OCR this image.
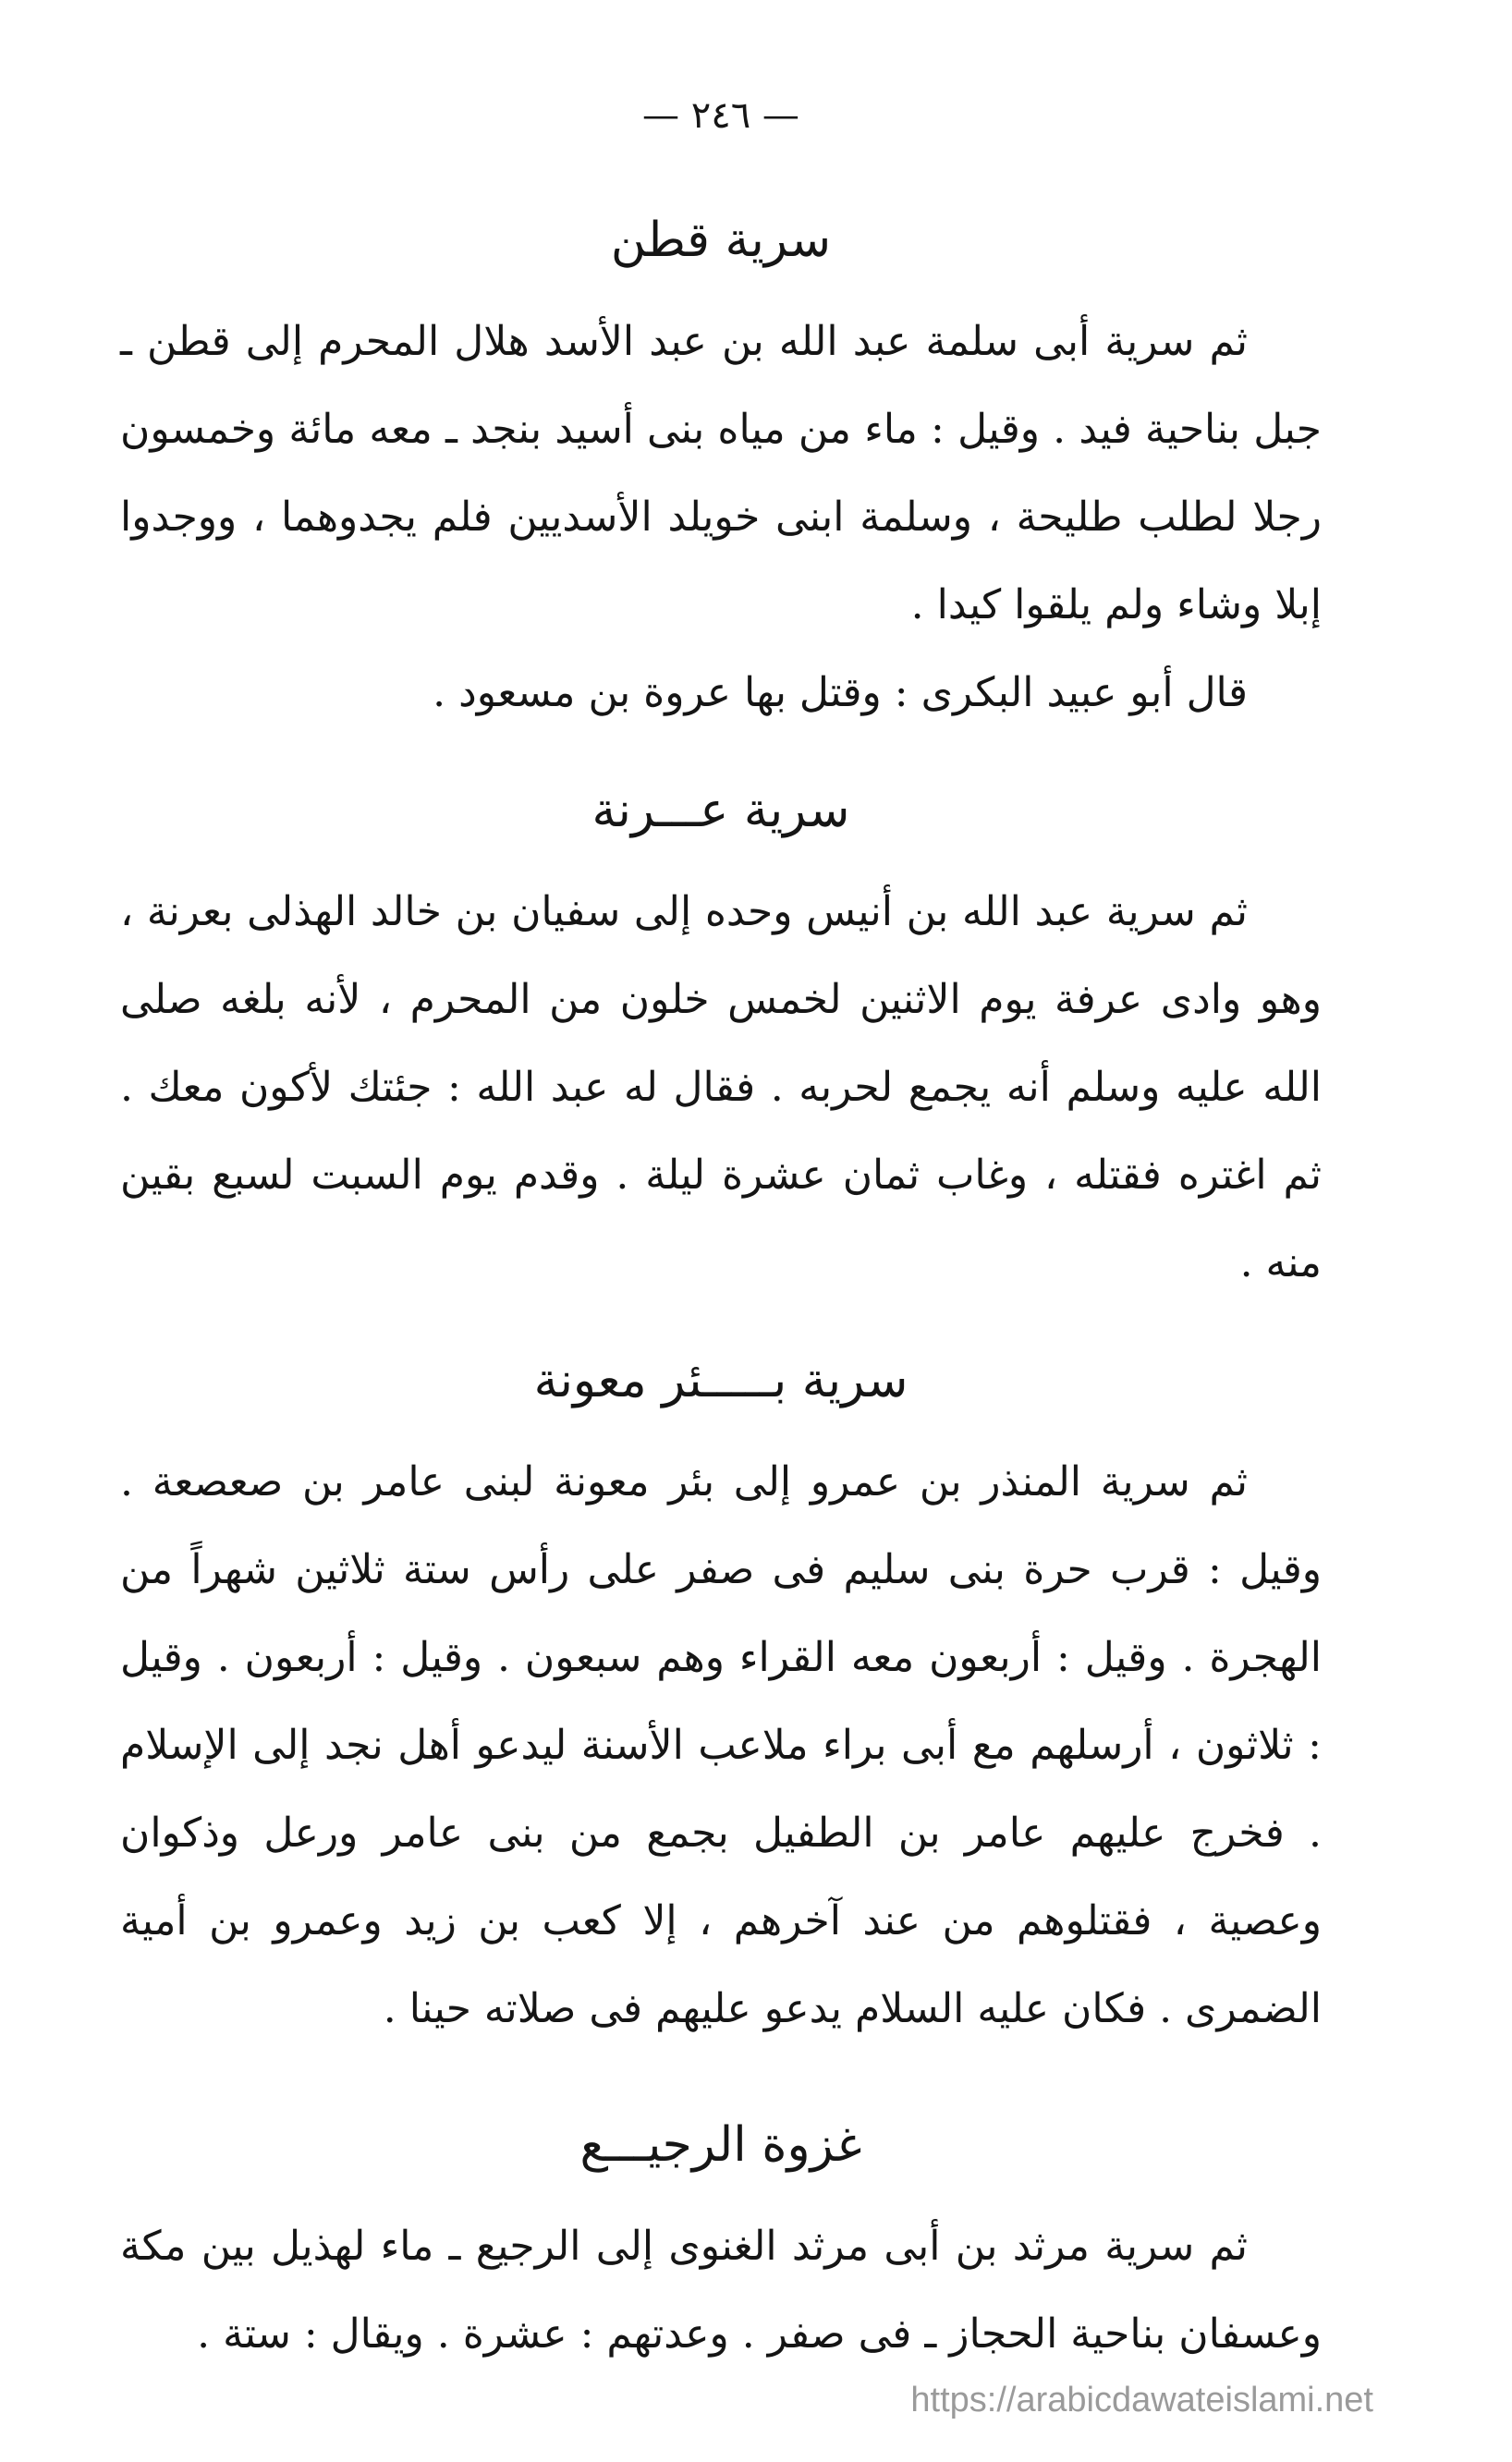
— ٢٤٦ —
سرية قطن

ثم سرية أبى سلمة عبد الله بن عبد الأسد هلال المحرم إلى قطن ـ جبل بناحية فيد . وقيل : ماء من مياه بنى أسيد بنجد ـ معه مائة وخمسون رجلا لطلب طليحة ، وسلمة ابنى خويلد الأسديين فلم يجدوهما ، ووجدوا إبلا وشاء ولم يلقوا كيدا .

قال أبو عبيد البكرى : وقتل بها عروة بن مسعود .

سرية عـــرنة

ثم سرية عبد الله بن أنيس وحده إلى سفيان بن خالد الهذلى بعرنة ، وهو وادى عرفة يوم الاثنين لخمس خلون من المحرم ، لأنه بلغه صلى الله عليه وسلم أنه يجمع لحربه . فقال له عبد الله : جئتك لأكون معك . ثم اغتره فقتله ، وغاب ثمان عشرة ليلة . وقدم يوم السبت لسبع بقين منه .

سرية بـــــئر معونة

ثم سرية المنذر بن عمرو إلى بئر معونة لبنى عامر بن صعصعة . وقيل : قرب حرة بنى سليم فى صفر على رأس ستة ثلاثين شهراً من الهجرة . وقيل : أربعون معه القراء وهم سبعون . وقيل : أربعون . وقيل : ثلاثون ، أرسلهم مع أبى براء ملاعب الأسنة ليدعو أهل نجد إلى الإسلام . فخرج عليهم عامر بن الطفيل بجمع من بنى عامر ورعل وذكوان وعصية ، فقتلوهم من عند آخرهم ، إلا كعب بن زيد وعمرو بن أمية الضمرى . فكان عليه السلام يدعو عليهم فى صلاته حينا .

غزوة الرجيـــع

ثم سرية مرثد بن أبى مرثد الغنوى إلى الرجيع ـ ماء لهذيل بين مكة وعسفان بناحية الحجاز ـ فى صفر . وعدتهم : عشرة . ويقال : ستة .

https://arabicdawateislami.net
